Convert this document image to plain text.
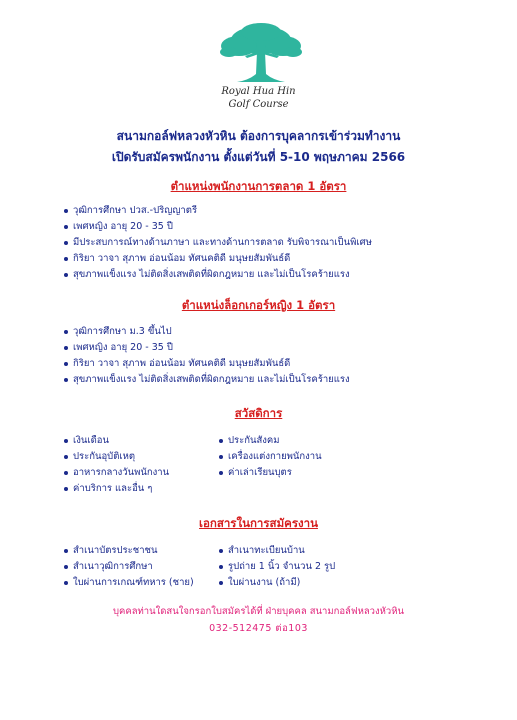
Royal Hua Hin
Golf Course
สนามกอล์ฟหลวงหัวหิน ต้องการบุคลากรเข้าร่วมทำงาน
เปิดรับสมัครพนักงาน ตั้งแต่วันที่ 5-10 พฤษภาคม 2566
ตำแหน่งพนักงานการตลาด 1 อัตรา
วุฒิการศึกษา ปวส.-ปริญญาตรี
เพศหญิง อายุ 20 - 35 ปี
มีประสบการณ์ทางด้านภาษา และทางด้านการตลาด รับพิจารณาเป็นพิเศษ
กิริยา วาจา สุภาพ อ่อนน้อม ทัศนคติดี มนุษยสัมพันธ์ดี
สุขภาพแข็งแรง ไม่ติดสิ่งเสพติดที่ผิดกฎหมาย และไม่เป็นโรคร้ายแรง
ตำแหน่งล็อกเกอร์หญิง 1 อัตรา
วุฒิการศึกษา ม.3 ขึ้นไป
เพศหญิง อายุ 20 - 35 ปี
กิริยา วาจา สุภาพ อ่อนน้อม ทัศนคติดี มนุษยสัมพันธ์ดี
สุขภาพแข็งแรง ไม่ติดสิ่งเสพติดที่ผิดกฎหมาย และไม่เป็นโรคร้ายแรง
สวัสดิการ
เงินเดือน
ประกันอุบัติเหตุ
อาหารกลางวันพนักงาน
ค่าบริการ และอื่น ๆ
ประกันสังคม
เครื่องแต่งกายพนักงาน
ค่าเล่าเรียนบุตร
เอกสารในการสมัครงาน
สำเนาบัตรประชาชน
สำเนาวุฒิการศึกษา
ใบผ่านการเกณฑ์ทหาร (ชาย)
สำเนาทะเบียนบ้าน
รูปถ่าย 1 นิ้ว จำนวน 2 รูป
ใบผ่านงาน (ถ้ามี)
บุคคลท่านใดสนใจกรอกใบสมัครได้ที่ ฝ่ายบุคคล สนามกอล์ฟหลวงหัวหิน
032-512475 ต่อ103
